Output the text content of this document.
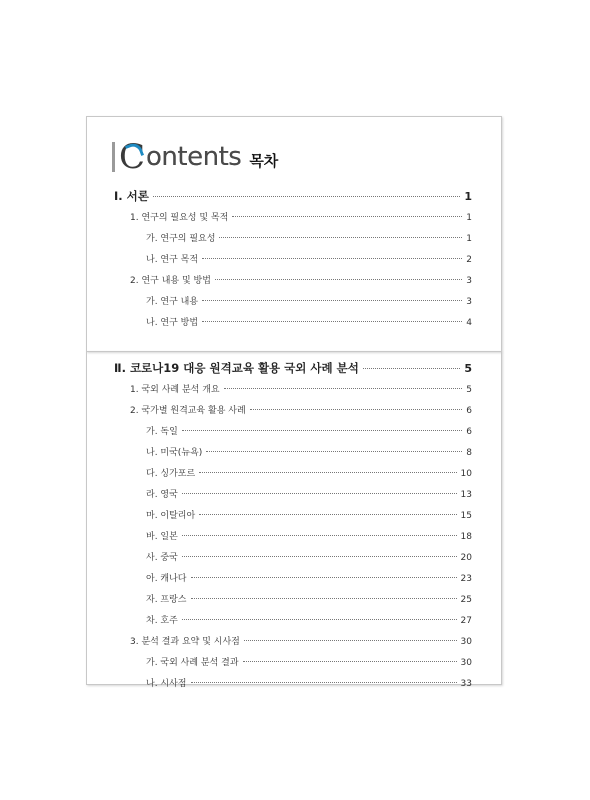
C ontents 목차
Ⅰ. 서론	1
1. 연구의 필요성 및 목적	1
가. 연구의 필요성	1
나. 연구 목적	2
2. 연구 내용 및 방법	3
가. 연구 내용	3
나. 연구 방법	4
Ⅱ. 코로나19 대응 원격교육 활용 국외 사례 분석	5
1. 국외 사례 분석 개요	5
2. 국가별 원격교육 활용 사례	6
가. 독일	6
나. 미국(뉴욕)	8
다. 싱가포르	10
라. 영국	13
마. 이탈리아	15
바. 일본	18
사. 중국	20
아. 캐나다	23
자. 프랑스	25
차. 호주	27
3. 분석 결과 요약 및 시사점	30
가. 국외 사례 분석 결과	30
나. 시사점	33
